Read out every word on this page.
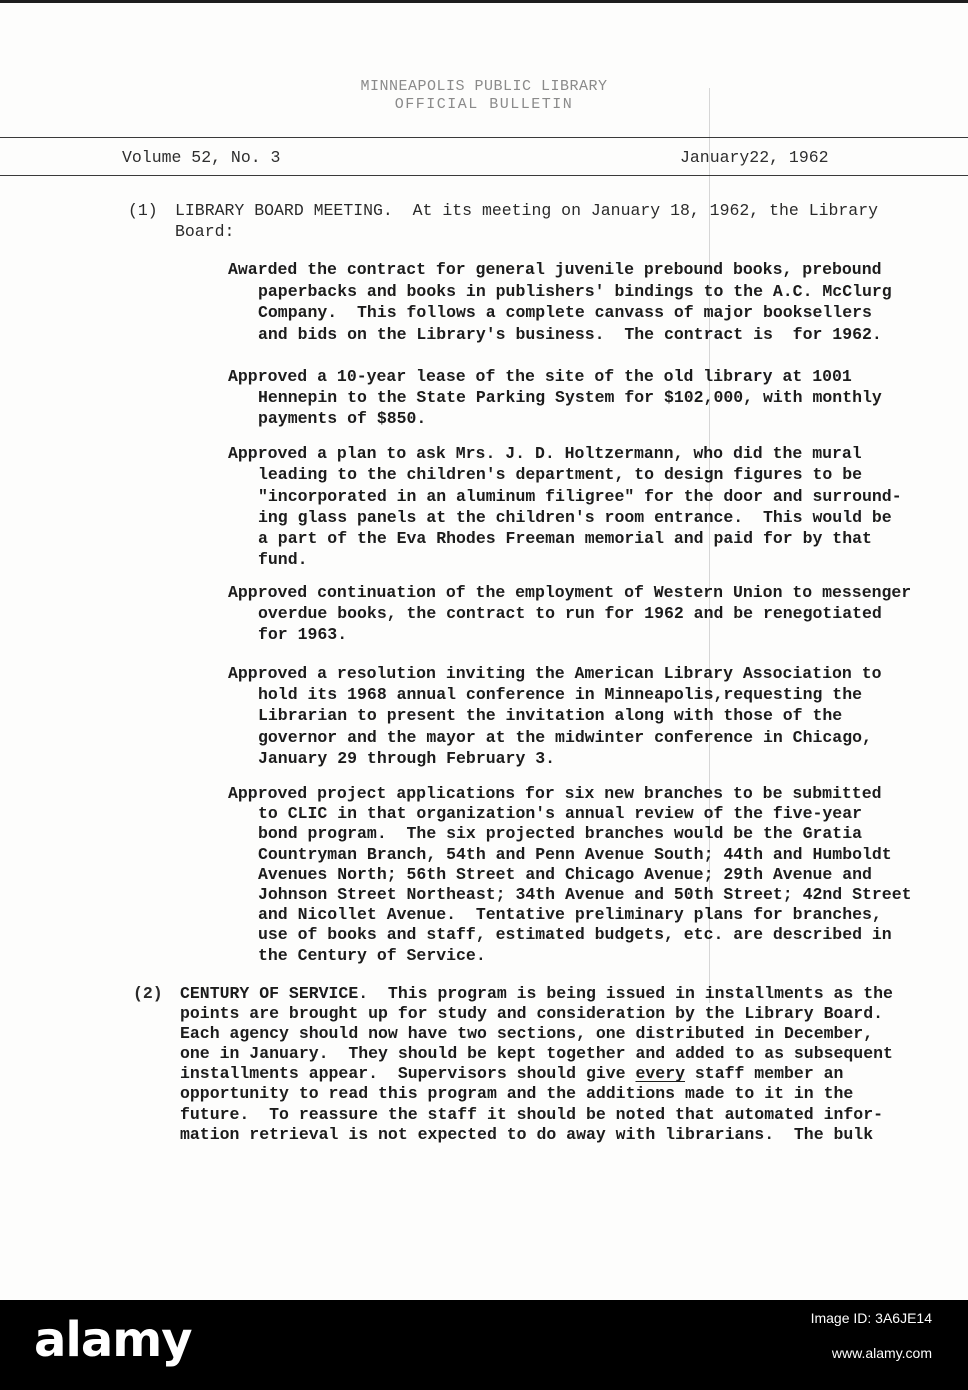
MINNEAPOLIS PUBLIC LIBRARY
OFFICIAL BULLETIN
Volume 52, No. 3	January22, 1962
(1) LIBRARY BOARD MEETING.  At its meeting on January 18, 1962, the Library
Board:
Awarded the contract for general juvenile prebound books, prebound
paperbacks and books in publishers' bindings to the A.C. McClurg
Company.  This follows a complete canvass of major booksellers
and bids on the Library's business.  The contract is  for 1962.
Approved a 10-year lease of the site of the old library at 1001
Hennepin to the State Parking System for $102,000, with monthly
payments of $850.
Approved a plan to ask Mrs. J. D. Holtzermann, who did the mural
leading to the children's department, to design figures to be
"incorporated in an aluminum filigree" for the door and surround-
ing glass panels at the children's room entrance.  This would be
a part of the Eva Rhodes Freeman memorial and paid for by that
fund.
Approved continuation of the employment of Western Union to messenger
overdue books, the contract to run for 1962 and be renegotiated
for 1963.
Approved a resolution inviting the American Library Association to
hold its 1968 annual conference in Minneapolis,requesting the
Librarian to present the invitation along with those of the
governor and the mayor at the midwinter conference in Chicago,
January 29 through February 3.
Approved project applications for six new branches to be submitted
to CLIC in that organization's annual review of the five-year
bond program.  The six projected branches would be the Gratia
Countryman Branch, 54th and Penn Avenue South; 44th and Humboldt
Avenues North; 56th Street and Chicago Avenue; 29th Avenue and
Johnson Street Northeast; 34th Avenue and 50th Street; 42nd Street
and Nicollet Avenue.  Tentative preliminary plans for branches,
use of books and staff, estimated budgets, etc. are described in
the Century of Service.
(2) CENTURY OF SERVICE.  This program is being issued in installments as the
points are brought up for study and consideration by the Library Board.
Each agency should now have two sections, one distributed in December,
one in January.  They should be kept together and added to as subsequent
installments appear.  Supervisors should give every staff member an
opportunity to read this program and the additions made to it in the
future.  To reassure the staff it should be noted that automated infor-
mation retrieval is not expected to do away with librarians.  The bulk
alamy	Image ID: 3A6JE14
www.alamy.com
